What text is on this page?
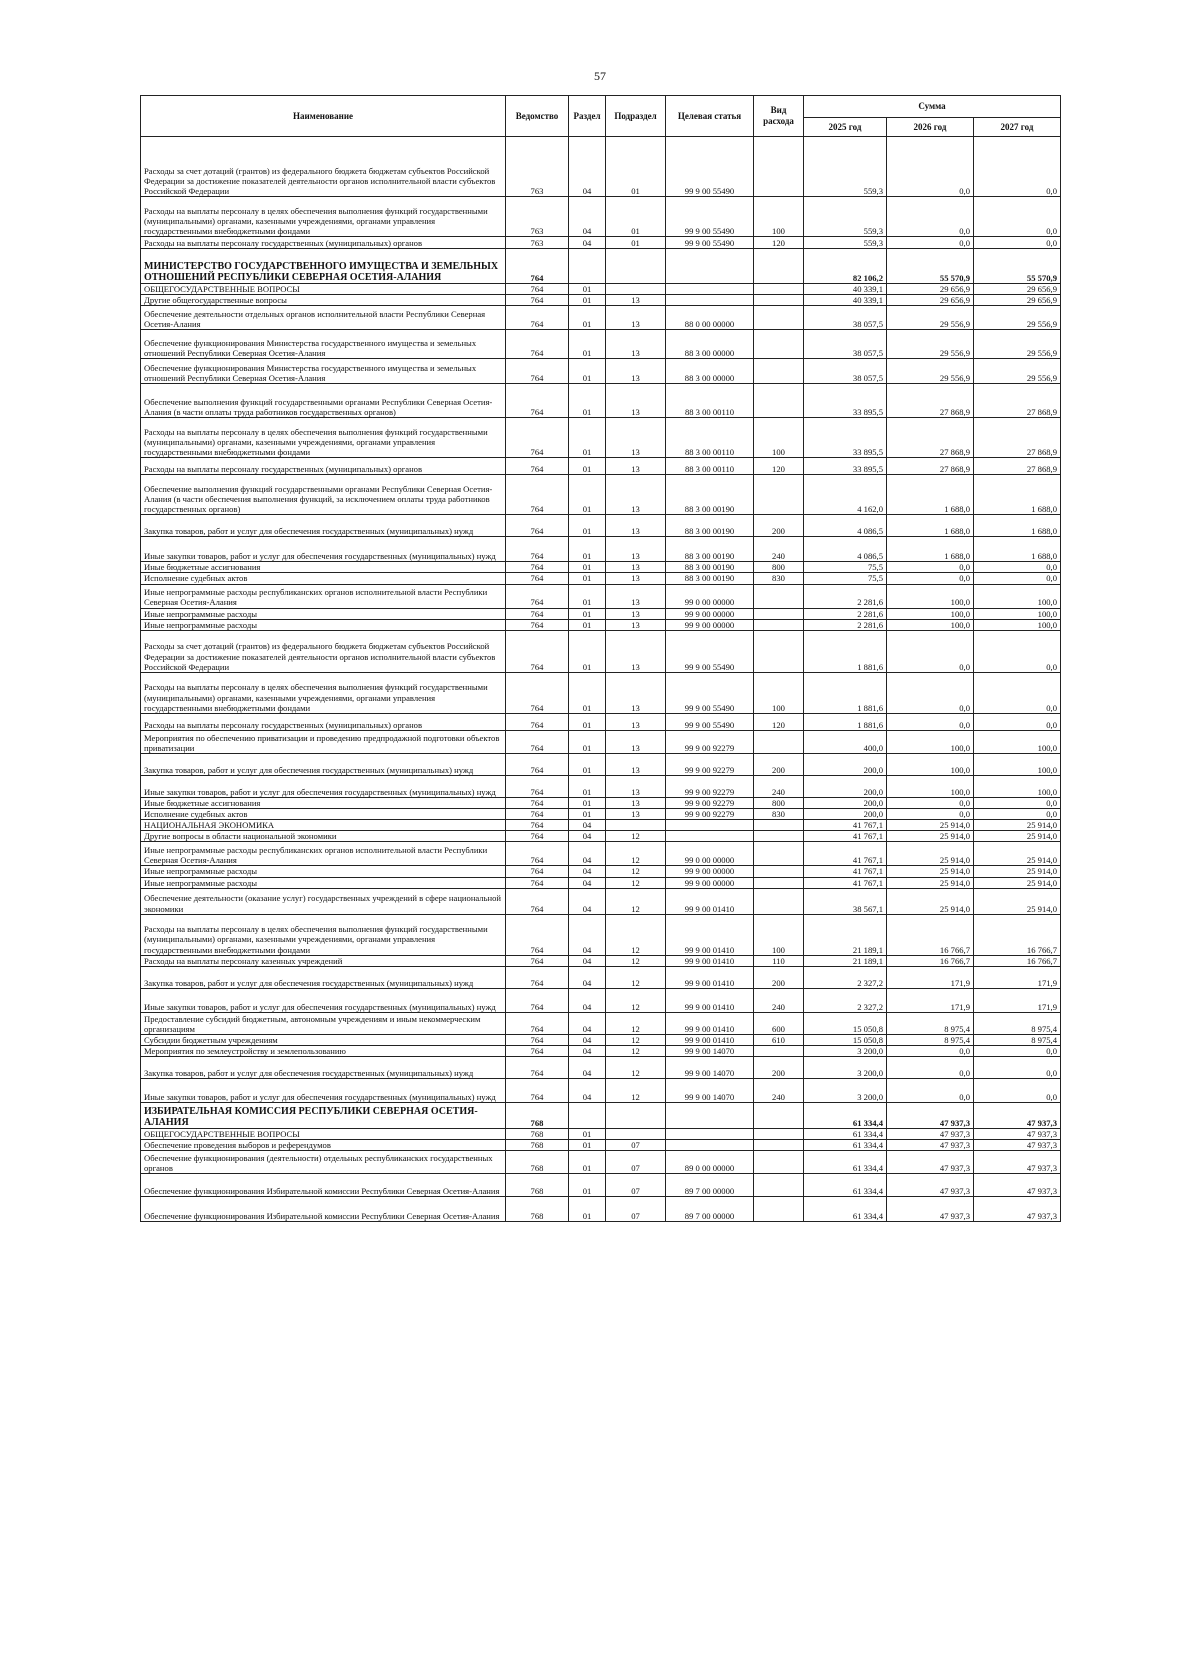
57
Наименование	Ведомство	Раздел	Подраздел	Целевая статья	Вид расхода	Сумма		
						2025 год	2026 год	2027 год
Расходы за счет дотаций (грантов) из федерального бюджета бюджетам субъектов Российской Федерации за достижение показателей деятельности органов исполнительной власти субъектов Российской Федерации	763	04	01	99 9 00 55490		559,3	0,0	0,0
Расходы на выплаты персоналу в целях обеспечения выполнения функций государственными (муниципальными) органами, казенными учреждениями, органами управления государственными внебюджетными фондами	763	04	01	99 9 00 55490	100	559,3	0,0	0,0
Расходы на выплаты персоналу государственных (муниципальных) органов	763	04	01	99 9 00 55490	120	559,3	0,0	0,0
МИНИСТЕРСТВО ГОСУДАРСТВЕННОГО ИМУЩЕСТВА И ЗЕМЕЛЬНЫХ ОТНОШЕНИЙ РЕСПУБЛИКИ СЕВЕРНАЯ ОСЕТИЯ-АЛАНИЯ	764					82 106,2	55 570,9	55 570,9
ОБЩЕГОСУДАРСТВЕННЫЕ ВОПРОСЫ	764	01				40 339,1	29 656,9	29 656,9
Другие общегосударственные вопросы	764	01	13			40 339,1	29 656,9	29 656,9
Обеспечение деятельности отдельных органов исполнительной власти Республики Северная Осетия-Алания	764	01	13	88 0 00 00000		38 057,5	29 556,9	29 556,9
Обеспечение функционирования Министерства государственного имущества и земельных отношений Республики Северная Осетия-Алания	764	01	13	88 3 00 00000		38 057,5	29 556,9	29 556,9
Обеспечение функционирования Министерства государственного имущества и земельных отношений Республики Северная Осетия-Алания	764	01	13	88 3 00 00000		38 057,5	29 556,9	29 556,9
Обеспечение выполнения функций государственными органами Республики Северная Осетия-Алания (в части оплаты труда работников государственных органов)	764	01	13	88 3 00 00110		33 895,5	27 868,9	27 868,9
Расходы на выплаты персоналу в целях обеспечения выполнения функций государственными (муниципальными) органами, казенными учреждениями, органами управления государственными внебюджетными фондами	764	01	13	88 3 00 00110	100	33 895,5	27 868,9	27 868,9
Расходы на выплаты персоналу государственных (муниципальных) органов	764	01	13	88 3 00 00110	120	33 895,5	27 868,9	27 868,9
Обеспечение выполнения функций государственными органами Республики Северная Осетия-Алания (в части обеспечения выполнения функций, за исключением оплаты труда работников государственных органов)	764	01	13	88 3 00 00190		4 162,0	1 688,0	1 688,0
Закупка товаров, работ и услуг для обеспечения государственных (муниципальных) нужд	764	01	13	88 3 00 00190	200	4 086,5	1 688,0	1 688,0
Иные закупки товаров, работ и услуг для обеспечения государственных (муниципальных) нужд	764	01	13	88 3 00 00190	240	4 086,5	1 688,0	1 688,0
Иные бюджетные ассигнования	764	01	13	88 3 00 00190	800	75,5	0,0	0,0
Исполнение судебных актов	764	01	13	88 3 00 00190	830	75,5	0,0	0,0
Иные непрограммные расходы республиканских органов исполнительной власти Республики Северная Осетия-Алания	764	01	13	99 0 00 00000		2 281,6	100,0	100,0
Иные непрограммные расходы	764	01	13	99 9 00 00000		2 281,6	100,0	100,0
Иные непрограммные расходы	764	01	13	99 9 00 00000		2 281,6	100,0	100,0
Расходы за счет дотаций (грантов) из федерального бюджета бюджетам субъектов Российской Федерации за достижение показателей деятельности органов исполнительной власти субъектов Российской Федерации	764	01	13	99 9 00 55490		1 881,6	0,0	0,0
Расходы на выплаты персоналу в целях обеспечения выполнения функций государственными (муниципальными) органами, казенными учреждениями, органами управления государственными внебюджетными фондами	764	01	13	99 9 00 55490	100	1 881,6	0,0	0,0
Расходы на выплаты персоналу государственных (муниципальных) органов	764	01	13	99 9 00 55490	120	1 881,6	0,0	0,0
Мероприятия по обеспечению приватизации и проведению предпродажной подготовки объектов приватизации	764	01	13	99 9 00 92279		400,0	100,0	100,0
Закупка товаров, работ и услуг для обеспечения государственных (муниципальных) нужд	764	01	13	99 9 00 92279	200	200,0	100,0	100,0
Иные закупки товаров, работ и услуг для обеспечения государственных (муниципальных) нужд	764	01	13	99 9 00 92279	240	200,0	100,0	100,0
Иные бюджетные ассигнования	764	01	13	99 9 00 92279	800	200,0	0,0	0,0
Исполнение судебных актов	764	01	13	99 9 00 92279	830	200,0	0,0	0,0
НАЦИОНАЛЬНАЯ ЭКОНОМИКА	764	04				41 767,1	25 914,0	25 914,0
Другие вопросы в области национальной экономики	764	04	12			41 767,1	25 914,0	25 914,0
Иные непрограммные расходы республиканских органов исполнительной власти Республики Северная Осетия-Алания	764	04	12	99 0 00 00000		41 767,1	25 914,0	25 914,0
Иные непрограммные расходы	764	04	12	99 9 00 00000		41 767,1	25 914,0	25 914,0
Иные непрограммные расходы	764	04	12	99 9 00 00000		41 767,1	25 914,0	25 914,0
Обеспечение деятельности (оказание услуг) государственных учреждений в сфере национальной экономики	764	04	12	99 9 00 01410		38 567,1	25 914,0	25 914,0
Расходы на выплаты персоналу в целях обеспечения выполнения функций государственными (муниципальными) органами, казенными учреждениями, органами управления государственными внебюджетными фондами	764	04	12	99 9 00 01410	100	21 189,1	16 766,7	16 766,7
Расходы на выплаты персоналу казенных учреждений	764	04	12	99 9 00 01410	110	21 189,1	16 766,7	16 766,7
Закупка товаров, работ и услуг для обеспечения государственных (муниципальных) нужд	764	04	12	99 9 00 01410	200	2 327,2	171,9	171,9
Иные закупки товаров, работ и услуг для обеспечения государственных (муниципальных) нужд	764	04	12	99 9 00 01410	240	2 327,2	171,9	171,9
Предоставление субсидий бюджетным, автономным учреждениям и иным некоммерческим организациям	764	04	12	99 9 00 01410	600	15 050,8	8 975,4	8 975,4
Субсидии бюджетным учреждениям	764	04	12	99 9 00 01410	610	15 050,8	8 975,4	8 975,4
Мероприятия по землеустройству и землепользованию	764	04	12	99 9 00 14070		3 200,0	0,0	0,0
Закупка товаров, работ и услуг для обеспечения государственных (муниципальных) нужд	764	04	12	99 9 00 14070	200	3 200,0	0,0	0,0
Иные закупки товаров, работ и услуг для обеспечения государственных (муниципальных) нужд	764	04	12	99 9 00 14070	240	3 200,0	0,0	0,0
ИЗБИРАТЕЛЬНАЯ КОМИССИЯ РЕСПУБЛИКИ СЕВЕРНАЯ ОСЕТИЯ-АЛАНИЯ	768					61 334,4	47 937,3	47 937,3
ОБЩЕГОСУДАРСТВЕННЫЕ ВОПРОСЫ	768	01				61 334,4	47 937,3	47 937,3
Обеспечение проведения выборов и референдумов	768	01	07			61 334,4	47 937,3	47 937,3
Обеспечение функционирования (деятельности) отдельных республиканских государственных органов	768	01	07	89 0 00 00000		61 334,4	47 937,3	47 937,3
Обеспечение функционирования Избирательной комиссии Республики Северная Осетия-Алания	768	01	07	89 7 00 00000		61 334,4	47 937,3	47 937,3
Обеспечение функционирования Избирательной комиссии Республики Северная Осетия-Алания	768	01	07	89 7 00 00000		61 334,4	47 937,3	47 937,3
